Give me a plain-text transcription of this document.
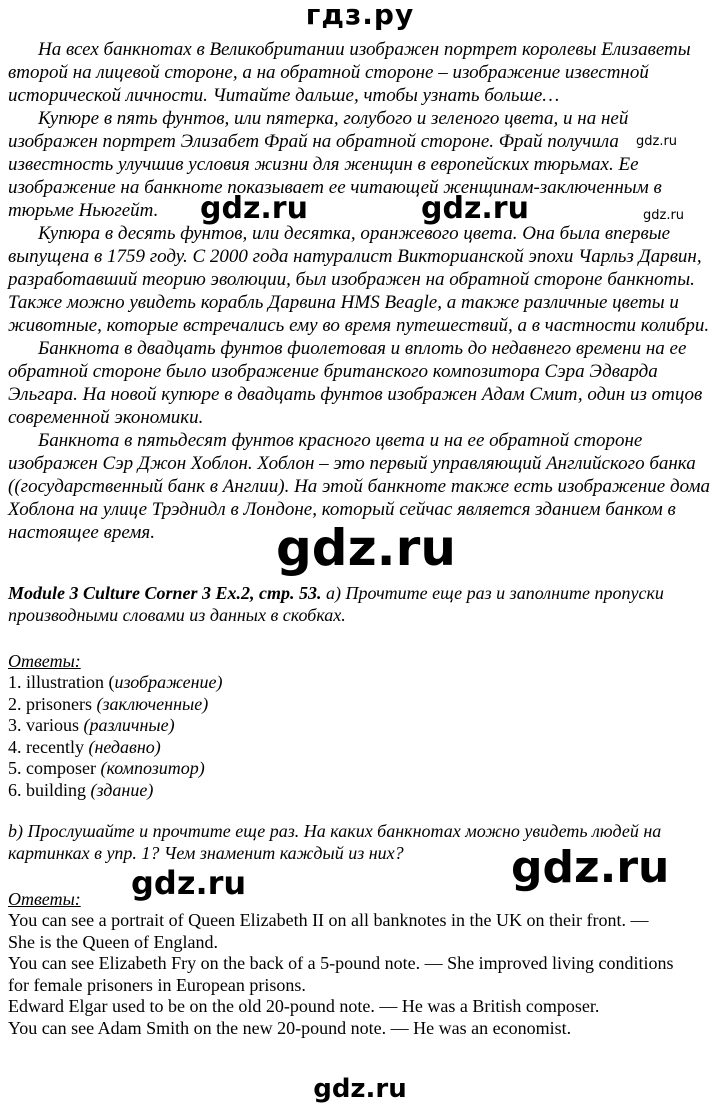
гдз.ру
gdz.ru
gdz.ru
gdz.ru	gdz.ru
gdz.ru
gdz.ru
gdz.ru
gdz.ru
На всех банкнотах в Великобритании изображен портрет королевы Елизаветы
второй на лицевой стороне, а на обратной стороне – изображение известной
исторической личности. Читайте дальше, чтобы узнать больше…
Купюре в пять фунтов, или пятерка, голубого и зеленого цвета, и на ней
изображен портрет Элизабет Фрай на обратной стороне. Фрай получила
известность улучшив условия жизни для женщин в европейских тюрьмах. Ее
изображение на банкноте показывает ее читающей женщинам-заключенным в
тюрьме Ньюгейт.
Купюра в десять фунтов, или десятка, оранжевого цвета. Она была впервые
выпущена в 1759 году. С 2000 года натуралист Викторианской эпохи Чарльз Дарвин,
разработавший теорию эволюции, был изображен на обратной стороне банкноты.
Также можно увидеть корабль Дарвина HMS Beagle, а также различные цветы и
животные, которые встречались ему во время путешествий, а в частности колибри.
Банкнота в двадцать фунтов фиолетовая и вплоть до недавнего времени на ее
обратной стороне было изображение британского композитора Сэра Эдварда
Эльгара. На новой купюре в двадцать фунтов изображен Адам Смит, один из отцов
современной экономики.
Банкнота в пятьдесят фунтов красного цвета и на ее обратной стороне
изображен Сэр Джон Хоблон. Хоблон – это первый управляющий Английского банка
((государственный банк в Англии). На этой банкноте также есть изображение дома
Хоблона на улице Трэднидл в Лондоне, который сейчас является зданием банком в
настоящее время.
Module 3 Culture Corner 3 Ex.2, стр. 53. a) Прочтите еще раз и заполните пропуски
производными словами из данных в скобках.
Ответы:
1. illustration (изображение)
2. prisoners (заключенные)
3. various (различные)
4. recently (недавно)
5. composer (композитор)
6. building (здание)
b) Прослушайте и прочтите еще раз. На каких банкнотах можно увидеть людей на
картинках в упр. 1? Чем знаменит каждый из них?
Ответы:
You can see a portrait of Queen Elizabeth II on all banknotes in the UK on their front. —
She is the Queen of England.
You can see Elizabeth Fry on the back of a 5-pound note. — She improved living conditions
for female prisoners in European prisons.
Edward Elgar used to be on the old 20-pound note. — He was a British composer.
You can see Adam Smith on the new 20-pound note. — He was an economist.
